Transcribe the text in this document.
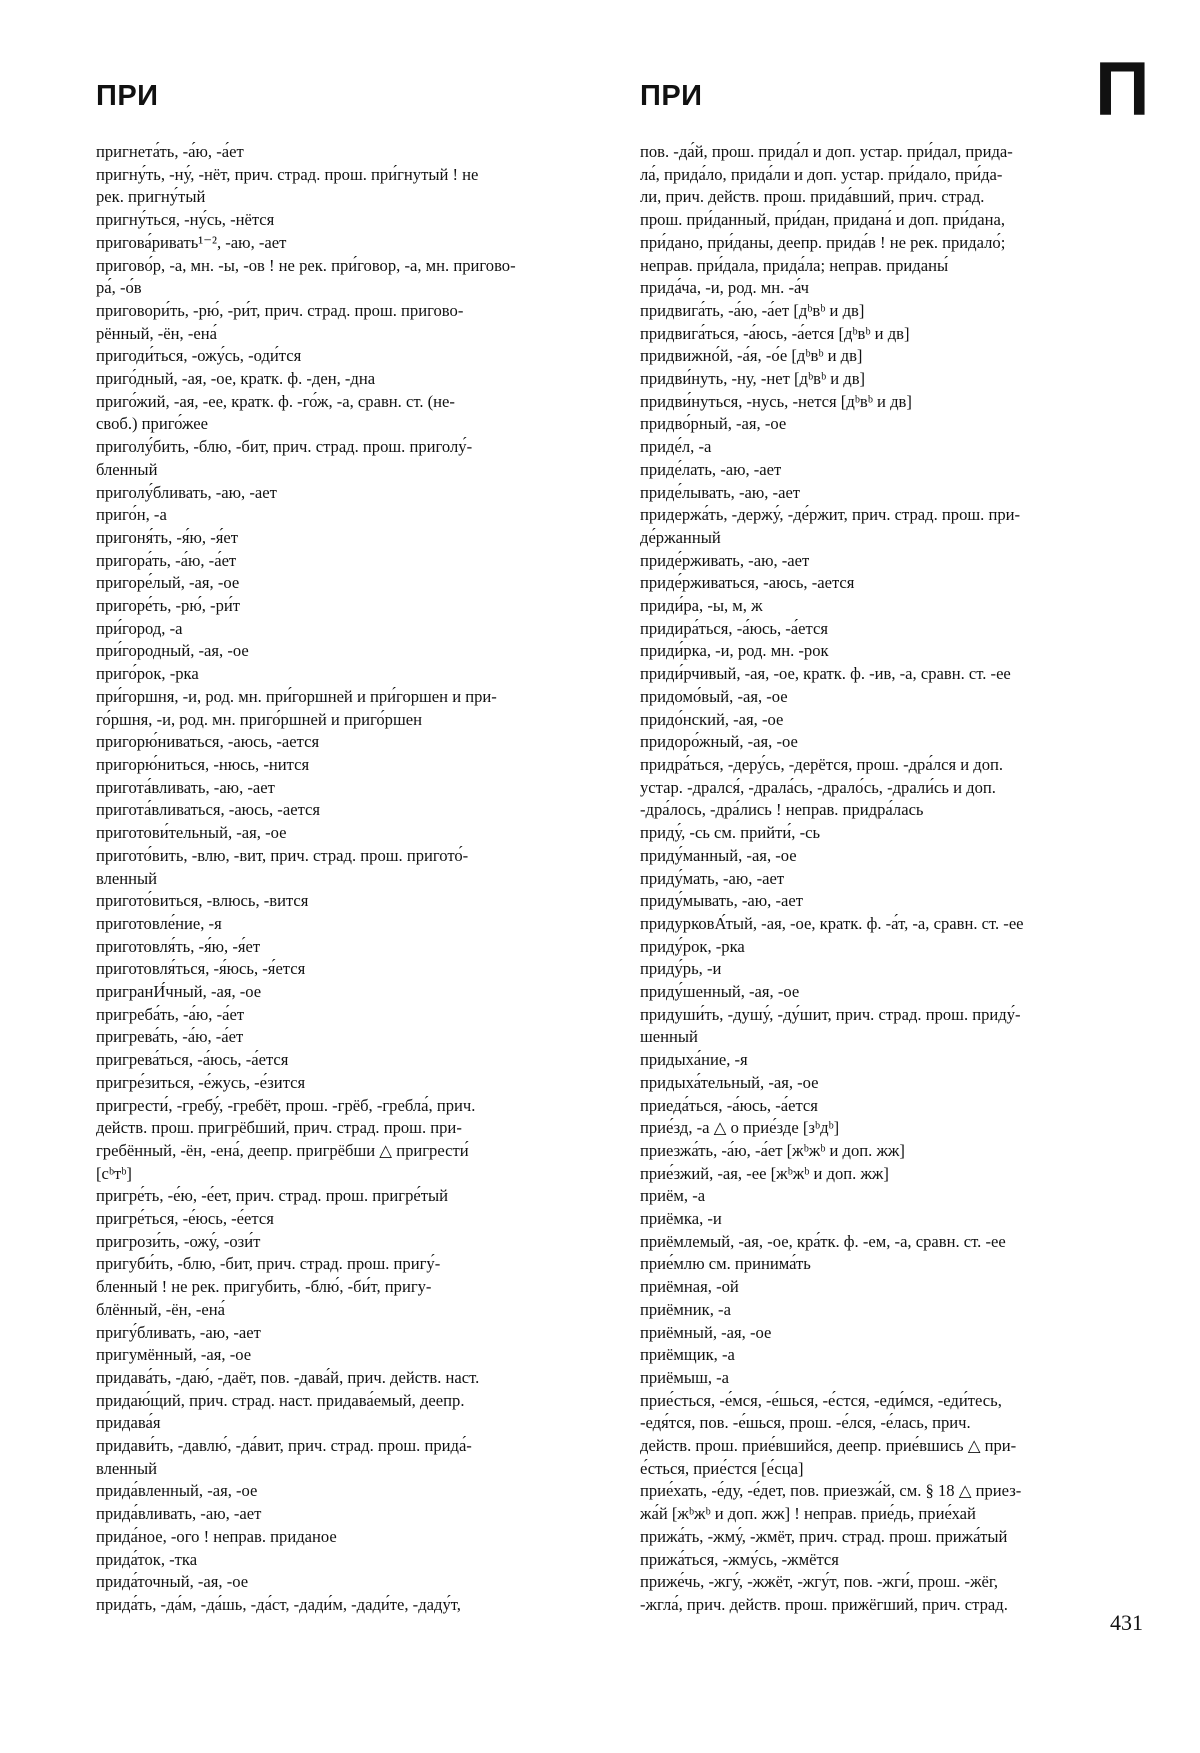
ПРИ	ПРИ	П
пригнета́ть, -а́ю, -а́ет
пригну́ть, -ну́, -нёт, прич. страд. прош. при́гнутый ! не
рек. пригну́тый
пригну́ться, -ну́сь, -нётся
пригова́ривать¹⁻², -аю, -ает
пригово́р, -а, мн. -ы, -ов ! не рек. при́говор, -а, мн. пригово-
ра́, -о́в
приговори́ть, -рю́, -ри́т, прич. страд. прош. пригово-
рённый, -ён, -ена́
пригоди́ться, -ожу́сь, -оди́тся
приго́дный, -ая, -ое, кратк. ф. -ден, -дна
приго́жий, -ая, -ее, кратк. ф. -го́ж, -а, сравн. ст. (не-
своб.) приго́жее
приголу́бить, -блю, -бит, прич. страд. прош. приголу́-
бленный
приголу́бливать, -аю, -ает
приго́н, -а
пригоня́ть, -я́ю, -я́ет
пригора́ть, -а́ю, -а́ет
пригоре́лый, -ая, -ое
пригоре́ть, -рю́, -ри́т
при́город, -а
при́городный, -ая, -ое
приго́рок, -рка
при́горшня, -и, род. мн. при́горшней и при́горшен и при-
го́ршня, -и, род. мн. приго́ршней и приго́ршен
пригорю́ниваться, -аюсь, -ается
пригорю́ниться, -нюсь, -нится
пригота́вливать, -аю, -ает
пригота́вливаться, -аюсь, -ается
приготови́тельный, -ая, -ое
пригото́вить, -влю, -вит, прич. страд. прош. пригото́-
вленный
пригото́виться, -влюсь, -вится
приготовле́ние, -я
приготовля́ть, -я́ю, -я́ет
приготовля́ться, -я́юсь, -я́ется
пригранИ́чный, -ая, -ое
пригреба́ть, -а́ю, -а́ет
пригрева́ть, -а́ю, -а́ет
пригрева́ться, -а́юсь, -а́ется
пригре́зиться, -е́жусь, -е́зится
пригрести́, -гребу́, -гребёт, прош. -грёб, -гребла́, прич.
действ. прош. пригрёбший, прич. страд. прош. при-
гребённый, -ён, -ена́, деепр. пригрёбши △ пригрести́
[сᵇтᵇ]
пригре́ть, -е́ю, -е́ет, прич. страд. прош. пригре́тый
пригре́ться, -е́юсь, -е́ется
пригрози́ть, -ожу́, -ози́т
пригуби́ть, -блю, -бит, прич. страд. прош. пригу́-
бленный ! не рек. пригубить, -блю́, -би́т, пригу-
блённый, -ён, -ена́
пригу́бливать, -аю, -ает
пригумённый, -ая, -ое
придава́ть, -даю́, -даёт, пов. -дава́й, прич. действ. наст.
придаю́щий, прич. страд. наст. придава́емый, деепр.
придава́я
придави́ть, -давлю́, -да́вит, прич. страд. прош. прида́-
вленный
прида́вленный, -ая, -ое
прида́вливать, -аю, -ает
прида́ное, -ого ! неправ. приданое
прида́ток, -тка
прида́точный, -ая, -ое
прида́ть, -да́м, -да́шь, -да́ст, -дади́м, -дади́те, -даду́т,
пов. -да́й, прош. прида́л и доп. устар. при́дал, прида-
ла́, прида́ло, прида́ли и доп. устар. при́дало, при́да-
ли, прич. действ. прош. прида́вший, прич. страд.
прош. при́данный, при́дан, придана́ и доп. при́дана,
при́дано, при́даны, деепр. прида́в ! не рек. придало́;
неправ. при́дала, прида́ла; неправ. приданы́
прида́ча, -и, род. мн. -а́ч
придвига́ть, -а́ю, -а́ет [дᵇвᵇ и дв]
придвига́ться, -а́юсь, -а́ется [дᵇвᵇ и дв]
придвижно́й, -а́я, -о́е [дᵇвᵇ и дв]
придви́нуть, -ну, -нет [дᵇвᵇ и дв]
придви́нуться, -нусь, -нется [дᵇвᵇ и дв]
придво́рный, -ая, -ое
приде́л, -а
приде́лать, -аю, -ает
приде́лывать, -аю, -ает
придержа́ть, -держу́, -де́ржит, прич. страд. прош. при-
де́ржанный
приде́рживать, -аю, -ает
приде́рживаться, -аюсь, -ается
приди́ра, -ы, м, ж
придира́ться, -а́юсь, -а́ется
приди́рка, -и, род. мн. -рок
приди́рчивый, -ая, -ое, кратк. ф. -ив, -а, сравн. ст. -ее
придомо́вый, -ая, -ое
придо́нский, -ая, -ое
придоро́жный, -ая, -ое
придра́ться, -деру́сь, -дерётся, прош. -дра́лся и доп.
устар. -дрался́, -драла́сь, -драло́сь, -драли́сь и доп.
-дра́лось, -дра́лись ! неправ. придра́лась
приду́, -сь см. прийти́, -сь
приду́манный, -ая, -ое
приду́мать, -аю, -ает
приду́мывать, -аю, -ает
придурковА́тый, -ая, -ое, кратк. ф. -а́т, -а, сравн. ст. -ее
приду́рок, -рка
приду́рь, -и
приду́шенный, -ая, -ое
придуши́ть, -душу́, -ду́шит, прич. страд. прош. приду́-
шенный
придыха́ние, -я
придыха́тельный, -ая, -ое
приеда́ться, -а́юсь, -а́ется
прие́зд, -а △ о прие́зде [зᵇдᵇ]
приезжа́ть, -а́ю, -а́ет [жᵇжᵇ и доп. жж]
прие́зжий, -ая, -ее [жᵇжᵇ и доп. жж]
приём, -а
приёмка, -и
приёмлемый, -ая, -ое, кра́тк. ф. -ем, -а, сравн. ст. -ее
прие́млю см. принима́ть
приёмная, -ой
приёмник, -а
приёмный, -ая, -ое
приёмщик, -а
приёмыш, -а
прие́сться, -е́мся, -е́шься, -е́стся, -еди́мся, -еди́тесь,
-едя́тся, пов. -е́шься, прош. -е́лся, -е́лась, прич.
действ. прош. прие́вшийся, деепр. прие́вшись △ при-
е́сться, прие́стся [е́сца]
прие́хать, -е́ду, -е́дет, пов. приезжа́й, см. § 18 △ приез-
жа́й [жᵇжᵇ и доп. жж] ! неправ. прие́дь, прие́хай
прижа́ть, -жму́, -жмёт, прич. страд. прош. прижа́тый
прижа́ться, -жму́сь, -жмётся
приже́чь, -жгу́, -жжёт, -жгу́т, пов. -жги́, прош. -жёг,
-жгла́, прич. действ. прош. прижёгший, прич. страд.
431
